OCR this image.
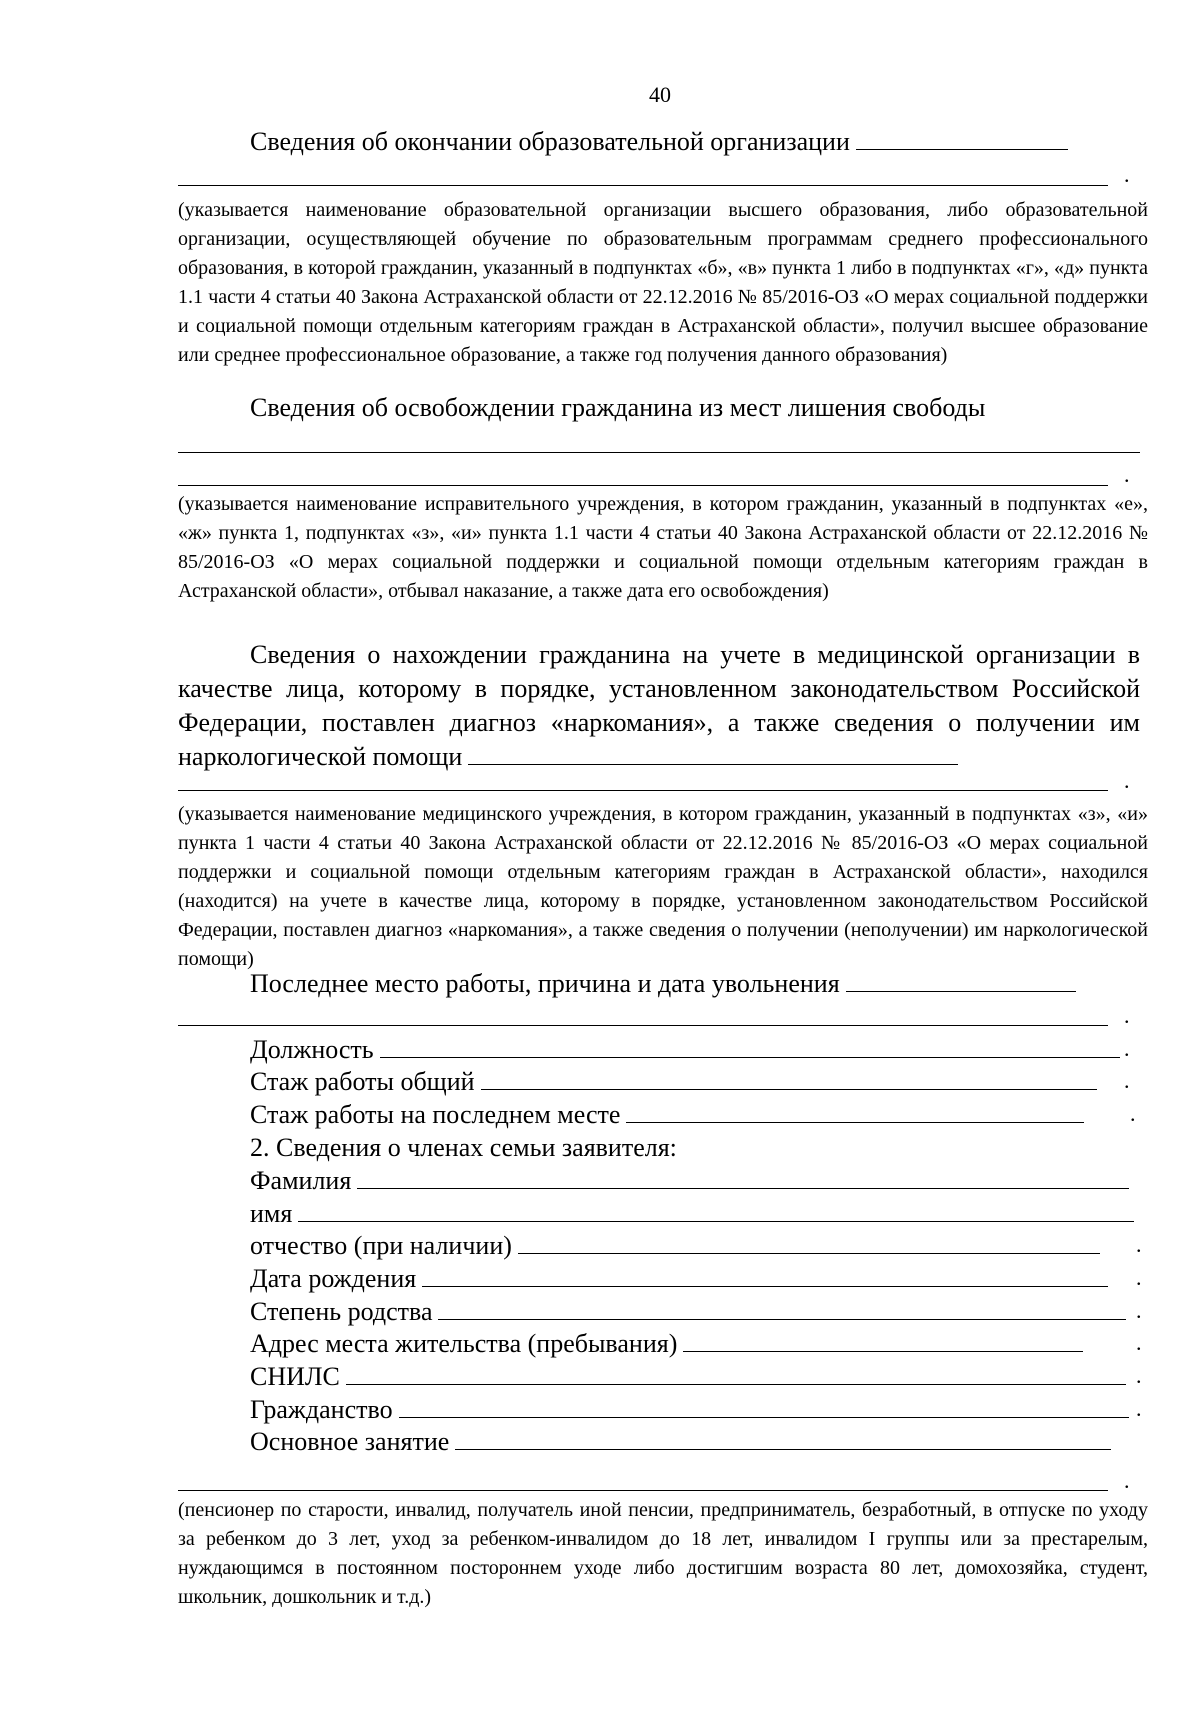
40
Сведения об окончании образовательной организации
.
(указывается наименование образовательной организации высшего образования, либо образовательной организации, осуществляющей обучение по образовательным программам среднего профессионального образования, в которой гражданин, указанный в подпунктах «б», «в» пункта 1 либо в подпунктах «г», «д» пункта 1.1 части 4 статьи 40 Закона Астраханской области от 22.12.2016 № 85/2016-ОЗ «О мерах социальной поддержки и социальной помощи отдельным категориям граждан в Астраханской области», получил высшее образование или среднее профессиональное образование, а также год получения данного образования)
Сведения об освобождении гражданина из мест лишения свободы
.
(указывается наименование исправительного учреждения, в котором гражданин, указанный в подпунктах «е», «ж» пункта 1, подпунктах «з», «и» пункта 1.1 части 4 статьи 40 Закона Астраханской области от 22.12.2016 № 85/2016-ОЗ «О мерах социальной поддержки и социальной помощи отдельным категориям граждан в Астраханской области», отбывал наказание, а также дата его освобождения)
Сведения о нахождении гражданина на учете в медицинской организации в качестве лица, которому в порядке, установленном законодательством Российской Федерации, поставлен диагноз «наркомания», а также сведения о получении им наркологической помощи
.
(указывается наименование медицинского учреждения, в котором гражданин, указанный в подпунктах «з», «и» пункта 1 части 4 статьи 40 Закона Астраханской области от 22.12.2016 № 85/2016-ОЗ «О мерах социальной поддержки и социальной помощи отдельным категориям граждан в Астраханской области», находился (находится) на учете в качестве лица, которому в порядке, установленном законодательством Российской Федерации, поставлен диагноз «наркомания», а также сведения о получении (неполучении) им наркологической помощи)
Последнее место работы, причина и дата увольнения
.
Должность	.
Стаж работы общий	.
Стаж работы на последнем месте	.
2. Сведения о членах семьи заявителя:
Фамилия
имя
отчество (при наличии)	.
Дата рождения	.
Степень родства	.
Адрес места жительства (пребывания)	.
СНИЛС	.
Гражданство	.
Основное занятие
.
(пенсионер по старости, инвалид, получатель иной пенсии, предприниматель, безработный, в отпуске по уходу за ребенком до 3 лет, уход за ребенком-инвалидом до 18 лет, инвалидом I группы или за престарелым, нуждающимся в постоянном постороннем уходе либо достигшим возраста 80 лет, домохозяйка, студент, школьник, дошкольник и т.д.)
